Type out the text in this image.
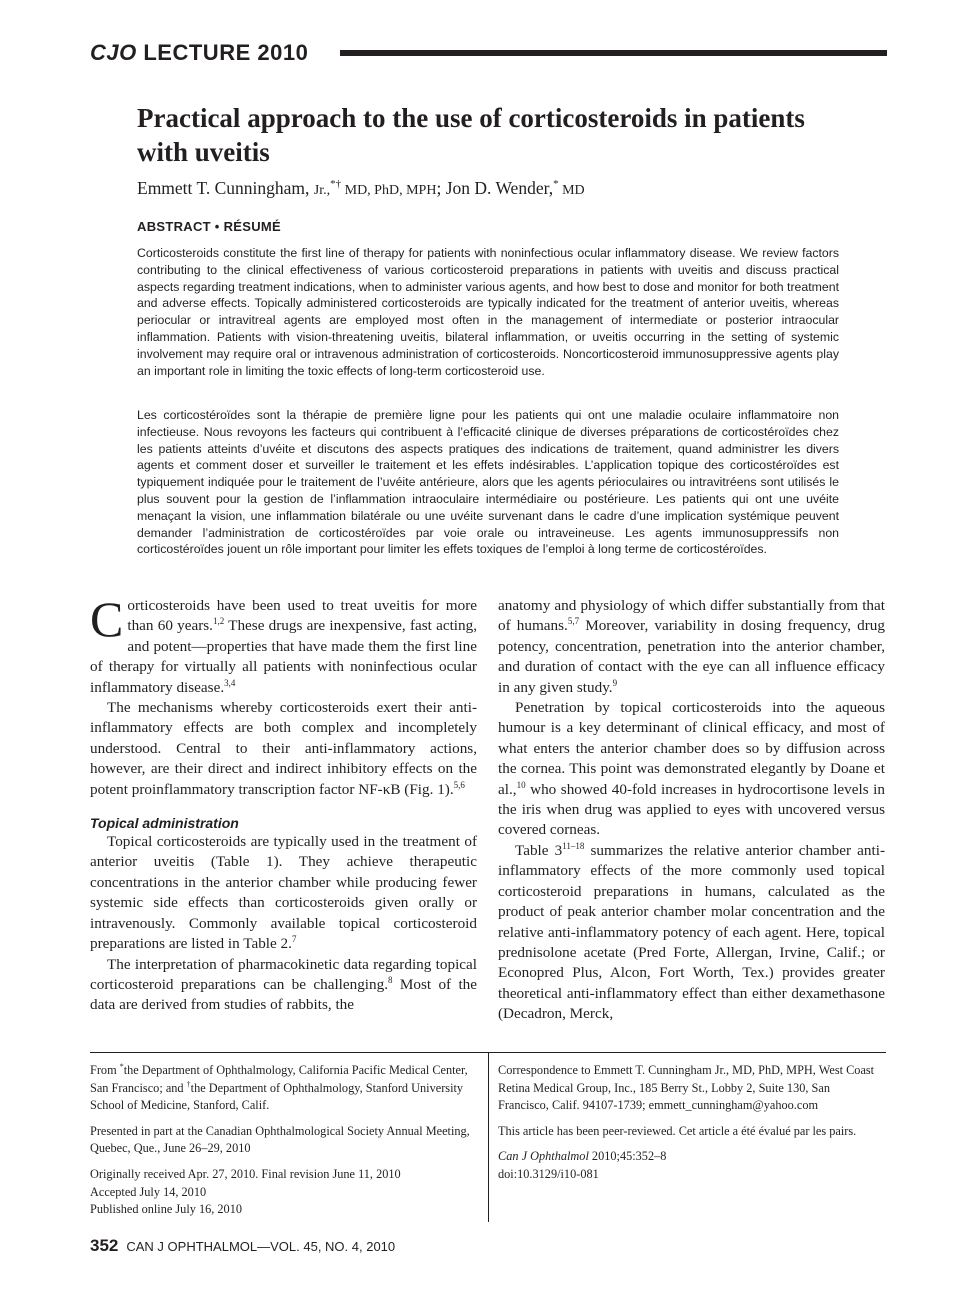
CJO LECTURE 2010
Practical approach to the use of corticosteroids in patients with uveitis
Emmett T. Cunningham, Jr.,*† MD, PhD, MPH; Jon D. Wender,* MD
ABSTRACT • RÉSUMÉ

Corticosteroids constitute the first line of therapy for patients with noninfectious ocular inflammatory disease. We review factors contributing to the clinical effectiveness of various corticosteroid preparations in patients with uveitis and discuss practical aspects regarding treatment indications, when to administer various agents, and how best to dose and monitor for both treatment and adverse effects. Topically administered corticosteroids are typically indicated for the treatment of anterior uveitis, whereas periocular or intravitreal agents are employed most often in the management of intermediate or posterior intraocular inflammation. Patients with vision-threatening uveitis, bilateral inflammation, or uveitis occurring in the setting of systemic involvement may require oral or intravenous administration of corticosteroids. Noncorticosteroid immunosuppressive agents play an important role in limiting the toxic effects of long-term corticosteroid use.

Les corticostéroïdes sont la thérapie de première ligne pour les patients qui ont une maladie oculaire inflammatoire non infectieuse. Nous revoyons les facteurs qui contribuent à l’efficacité clinique de diverses préparations de corticostéroïdes chez les patients atteints d’uvéite et discutons des aspects pratiques des indications de traitement, quand administrer les divers agents et comment doser et surveiller le traitement et les effets indésirables. L’application topique des corticostéroïdes est typiquement indiquée pour le traitement de l’uvéite antérieure, alors que les agents périoculaires ou intravitréens sont utilisés le plus souvent pour la gestion de l’inflammation intraoculaire intermédiaire ou postérieure. Les patients qui ont une uvéite menaçant la vision, une inflammation bilatérale ou une uvéite survenant dans le cadre d’une implication systémique peuvent demander l’administration de corticostéroïdes par voie orale ou intraveineuse. Les agents immunosuppressifs non corticostéroïdes jouent un rôle important pour limiter les effets toxiques de l’emploi à long terme de corticostéroïdes.

Corticosteroids have been used to treat uveitis for more than 60 years.$^{1,2}$ These drugs are inexpensive, fast acting, and potent—properties that have made them the first line of therapy for virtually all patients with noninfectious ocular inflammatory disease.$^{3,4}$

The mechanisms whereby corticosteroids exert their anti-inflammatory effects are both complex and incompletely understood. Central to their anti-inflammatory actions, however, are their direct and indirect inhibitory effects on the potent proinflammatory transcription factor NF-κB (Fig. 1).$^{5,6}$

Topical administration

Topical corticosteroids are typically used in the treatment of anterior uveitis (Table 1). They achieve therapeutic concentrations in the anterior chamber while producing fewer systemic side effects than corticosteroids given orally or intravenously. Commonly available topical corticosteroid preparations are listed in Table 2.$^7$

The interpretation of pharmacokinetic data regarding topical corticosteroid preparations can be challenging.$^8$ Most of the data are derived from studies of rabbits, the

anatomy and physiology of which differ substantially from that of humans.$^{5,7}$ Moreover, variability in dosing frequency, drug potency, concentration, penetration into the anterior chamber, and duration of contact with the eye can all influence efficacy in any given study.$^9$

Penetration by topical corticosteroids into the aqueous humour is a key determinant of clinical efficacy, and most of what enters the anterior chamber does so by diffusion across the cornea. This point was demonstrated elegantly by Doane et al.,$^{10}$ who showed 40-fold increases in hydrocortisone levels in the iris when drug was applied to eyes with uncovered versus covered corneas.

Table 3$^{11-18}$ summarizes the relative anterior chamber anti-inflammatory effects of the more commonly used topical corticosteroid preparations in humans, calculated as the product of peak anterior chamber molar concentration and the relative anti-inflammatory potency of each agent. Here, topical prednisolone acetate (Pred Forte, Allergan, Irvine, Calif.; or Econopred Plus, Alcon, Fort Worth, Tex.) provides greater theoretical anti-inflammatory effect than either dexamethasone (Decadron, Merck,

From *the Department of Ophthalmology, California Pacific Medical Center, San Francisco; and †the Department of Ophthalmology, Stanford University School of Medicine, Stanford, Calif.

Presented in part at the Canadian Ophthalmological Society Annual Meeting, Quebec, Que., June 26–29, 2010

Originally received Apr. 27, 2010. Final revision June 11, 2010
Accepted July 14, 2010
Published online July 16, 2010

Correspondence to Emmett T. Cunningham Jr., MD, PhD, MPH, West Coast Retina Medical Group, Inc., 185 Berry St., Lobby 2, Suite 130, San Francisco, Calif. 94107-1739; emmett_cunningham@yahoo.com

This article has been peer-reviewed. Cet article a été évalué par les pairs.

Can J Ophthalmol 2010;45:352–8
doi:10.3129/i10-081

352 CAN J OPHTHALMOL—VOL. 45, NO. 4, 2010
